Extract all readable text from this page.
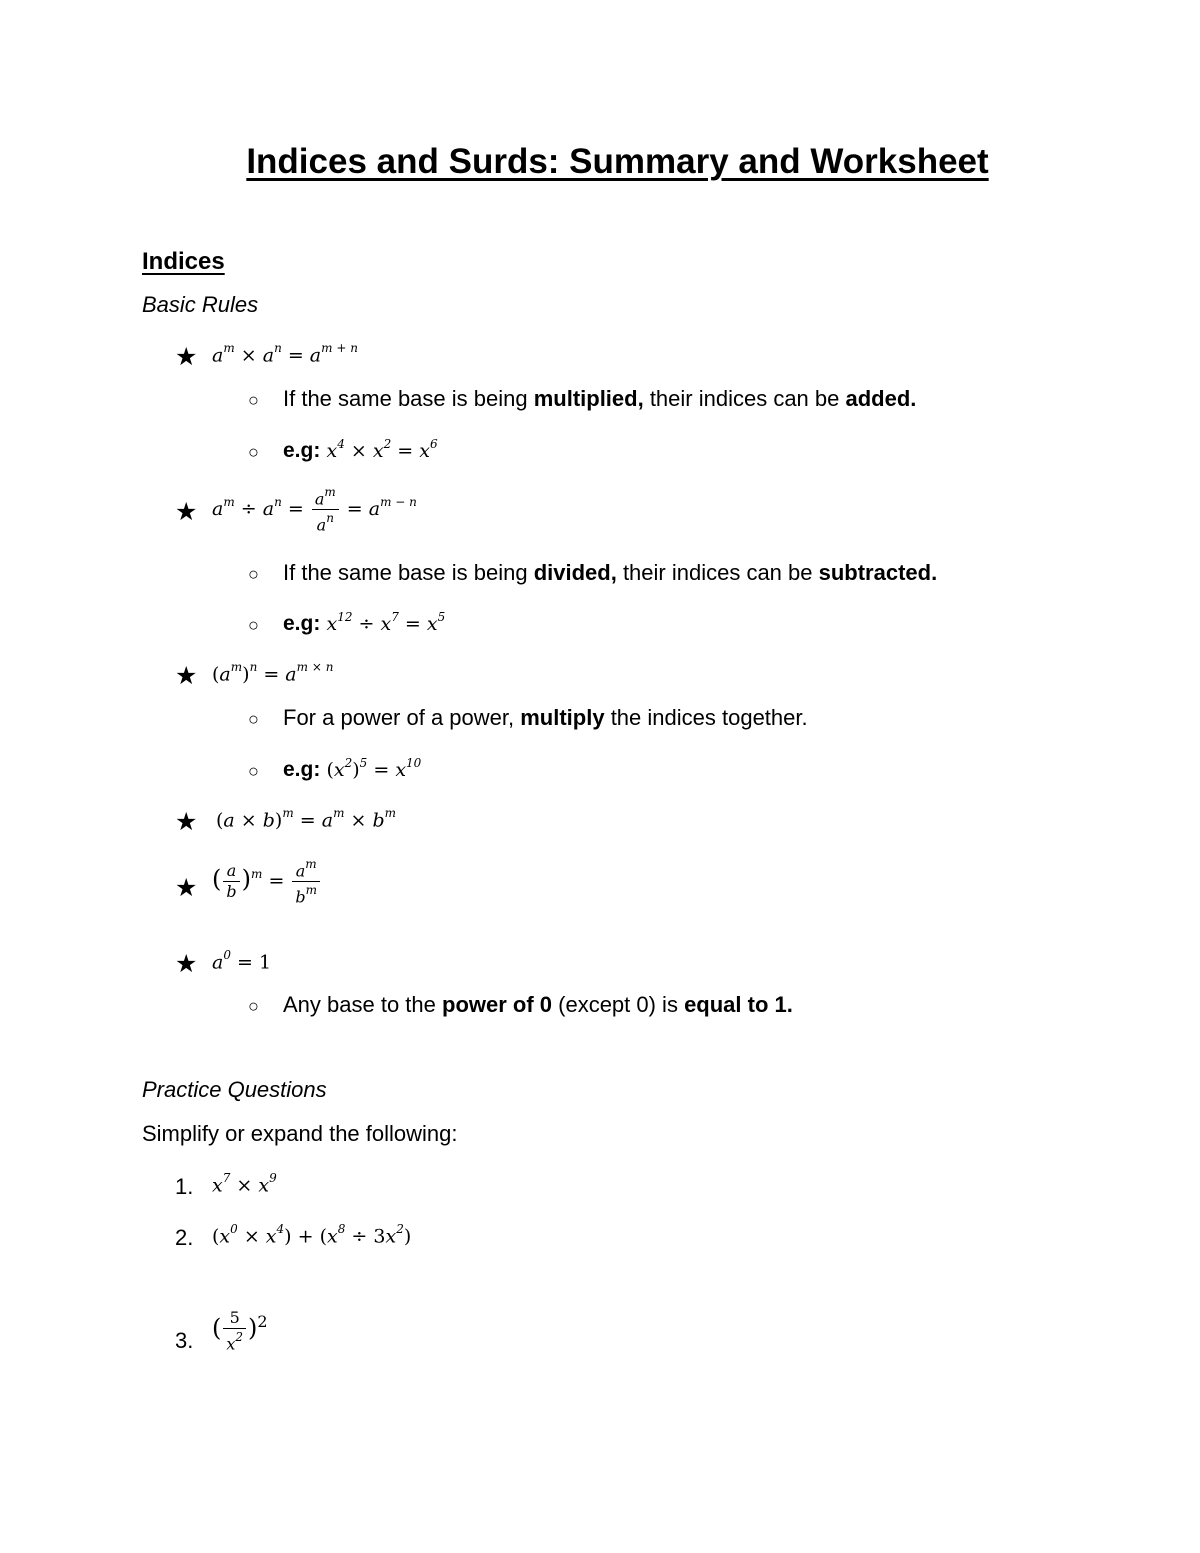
Indices and Surds: Summary and Worksheet
Indices
Basic Rules
★ $a^m \times a^n = a^{m + n}$
○ If the same base is being multiplied, their indices can be added.
○ e.g: $x^4 \times x^2 = x^6$
★ $a^m \div a^n = \frac{a^m}{a^n} = a^{m - n}$
○ If the same base is being divided, their indices can be subtracted.
○ e.g: $x^{12} \div x^7 = x^5$
★ $(a^m)^n = a^{m \times n}$
○ For a power of a power, multiply the indices together.
○ e.g: $(x^2)^5 = x^{10}$
★ $(a \times b)^m = a^m \times b^m$
★ ( $\frac{a}{b} )^m = \frac{a^m}{b^m}$
★ $a^0 = 1$
○ Any base to the power of 0 (except 0) is equal to 1.
Practice Questions
Simplify or expand the following:
1. $x^7 \times x^9$
2. $(x^0 \times x^4) + (x^8 \div 3x^2)$
3. ( $\frac{5}{x^2} )^2$
